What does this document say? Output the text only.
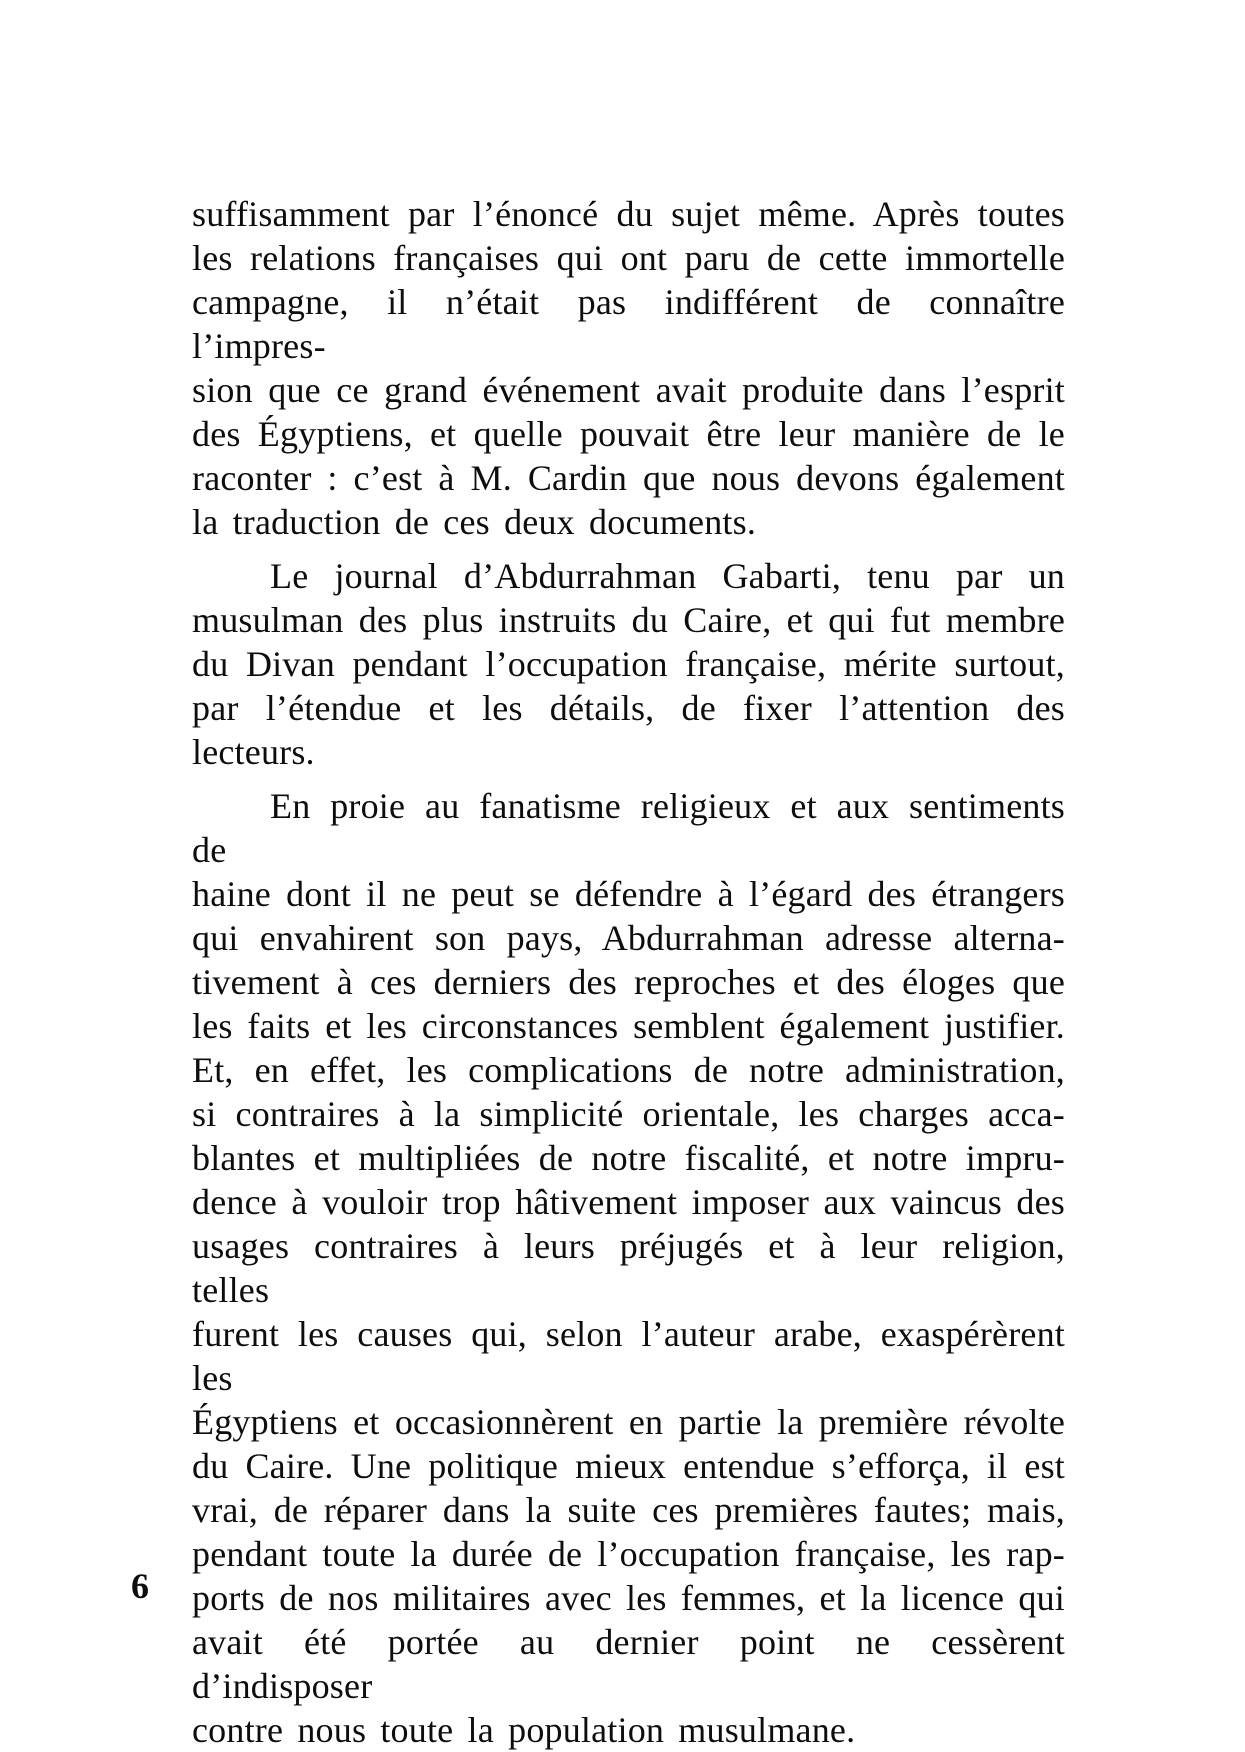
suffisamment par l’énoncé du sujet même. Après toutes
les relations françaises qui ont paru de cette immortelle
campagne, il n’était pas indifférent de connaître l’impres-
sion que ce grand événement avait produite dans l’esprit
des Égyptiens, et quelle pouvait être leur manière de le
raconter : c’est à M. Cardin que nous devons également
la traduction de ces deux documents.

Le journal d’Abdurrahman Gabarti, tenu par un
musulman des plus instruits du Caire, et qui fut membre
du Divan pendant l’occupation française, mérite surtout,
par l’étendue et les détails, de fixer l’attention des lecteurs.

En proie au fanatisme religieux et aux sentiments de
haine dont il ne peut se défendre à l’égard des étrangers
qui envahirent son pays, Abdurrahman adresse alterna-
tivement à ces derniers des reproches et des éloges que
les faits et les circonstances semblent également justifier.
Et, en effet, les complications de notre administration,
si contraires à la simplicité orientale, les charges acca-
blantes et multipliées de notre fiscalité, et notre impru-
dence à vouloir trop hâtivement imposer aux vaincus des
usages contraires à leurs préjugés et à leur religion, telles
furent les causes qui, selon l’auteur arabe, exaspérèrent les
Égyptiens et occasionnèrent en partie la première révolte
du Caire. Une politique mieux entendue s’efforça, il est
vrai, de réparer dans la suite ces premières fautes; mais,
pendant toute la durée de l’occupation française, les rap-
ports de nos militaires avec les femmes, et la licence qui
avait été portée au dernier point ne cessèrent d’indisposer
contre nous toute la population musulmane.

6
